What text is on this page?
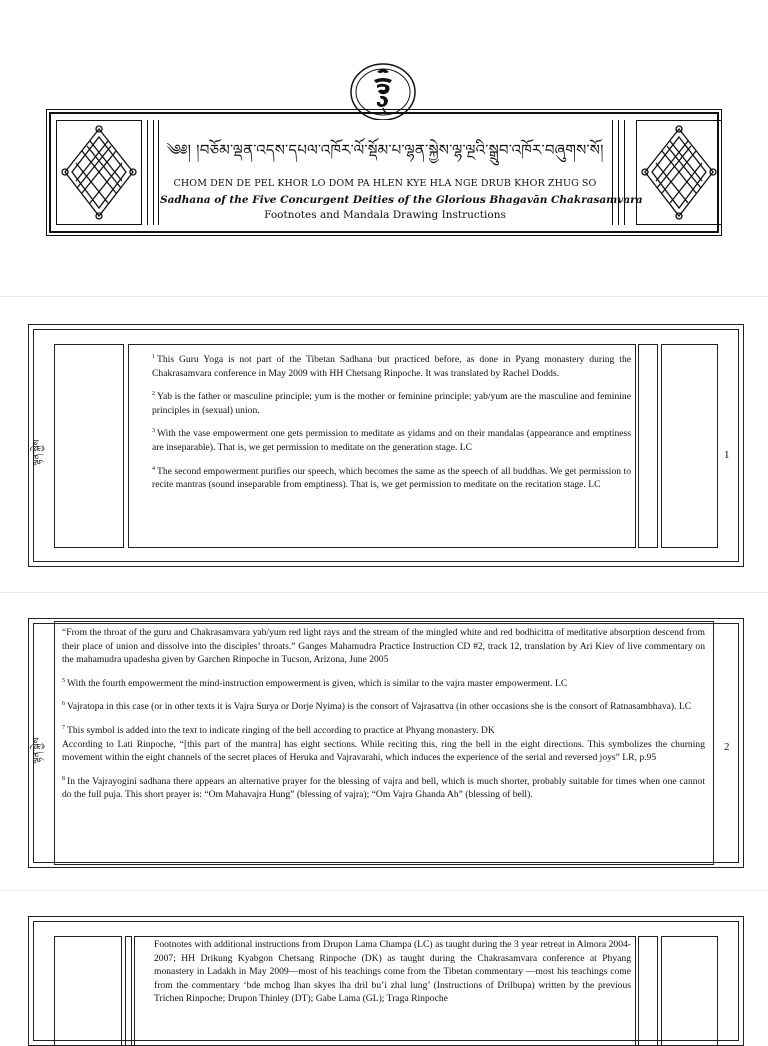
༄༅། །བཅོམ་ལྡན་འདས་དཔལ་འཁོར་ལོ་སྡོམ་པ་ལྷན་སྐྱེས་ལྷ་ལྔའི་སྒྲུབ་འཁོར་བཞུགས་སོ།
CHOM DEN DE PEL KHOR LO DOM PA HLEN KYE HLA NGE DRUB KHOR ZHUG SO
Sadhana of the Five Concurgent Deities of the Glorious Bhagavān Chakrasamvara
Footnotes and Mandala Drawing Instructions
ལྷན་སྐྱེས	1

$^1$ This Guru Yoga is not part of the Tibetan Sadhana but practiced before, as done in Pyang monastery during the Chakrasamvara conference in May 2009 with HH Chetsang Rinpoche. It was translated by Rachel Dodds.

$^2$ Yab is the father or masculine principle; yum is the mother or feminine principle; yab/yum are the masculine and feminine principles in (sexual) union.

$^3$ With the vase empowerment one gets permission to meditate as yidams and on their mandalas (appearance and emptiness are inseparable). That is, we get permission to meditate on the generation stage. LC

$^4$ The second empowerment purifies our speech, which becomes the same as the speech of all buddhas. We get permission to recite mantras (sound inseparable from emptiness). That is, we get permission to meditate on the recitation stage. LC

ལྷན་སྐྱེས	2

“From the throat of the guru and Chakrasamvara yab/yum red light rays and the stream of the mingled white and red bodhicitta of meditative absorption descend from their place of union and dissolve into the disciples’ throats.” Ganges Mahamudra Practice Instruction CD #2, track 12, translation by Ari Kiev of live commentary on the mahamudra upadesha given by Garchen Rinpoche in Tucson, Arizona, June 2005

$^5$ With the fourth empowerment the mind-instruction empowerment is given, which is similar to the vajra master empowerment. LC

$^6$ Vajratopa in this case (or in other texts it is Vajra Surya or Dorje Nyima) is the consort of Vajrasattva (in other occasions she is the consort of Ratnasambhava). LC

$^7$ This symbol is added into the text to indicate ringing of the bell according to practice at Phyang monastery. DK
According to Lati Rinpoche, “[this part of the mantra] has eight sections. While reciting this, ring the bell in the eight directions. This symbolizes the churning movement within the eight channels of the secret places of Heruka and Vajravarahi, which induces the experience of the serial and reversed joys” LR, p.95

$^8$ In the Vajrayogini sadhana there appears an alternative prayer for the blessing of vajra and bell, which is much shorter, probably suitable for times when one cannot do the full puja. This short prayer is: “Om Mahavajra Hung” (blessing of vajra); “Om Vajra Ghanda Ah” (blessing of bell).

Footnotes with additional instructions from Drupon Lama Champa (LC) as taught during the 3 year retreat in Almora 2004-2007; HH Drikung Kyabgon Chetsang Rinpoche (DK) as taught during the Chakrasamvara conference at Phyang monastery in Ladakh in May 2009—most of his teachings come from the Tibetan commentary —most his teachings come from the commentary ‘bde mchog lhan skyes lha dril bu’i zhal lung’ (Instructions of Drilbupa) written by the previous Trichen Rinpoche; Drupon Thinley (DT); Gabe Lama (GL); Traga Rinpoche
